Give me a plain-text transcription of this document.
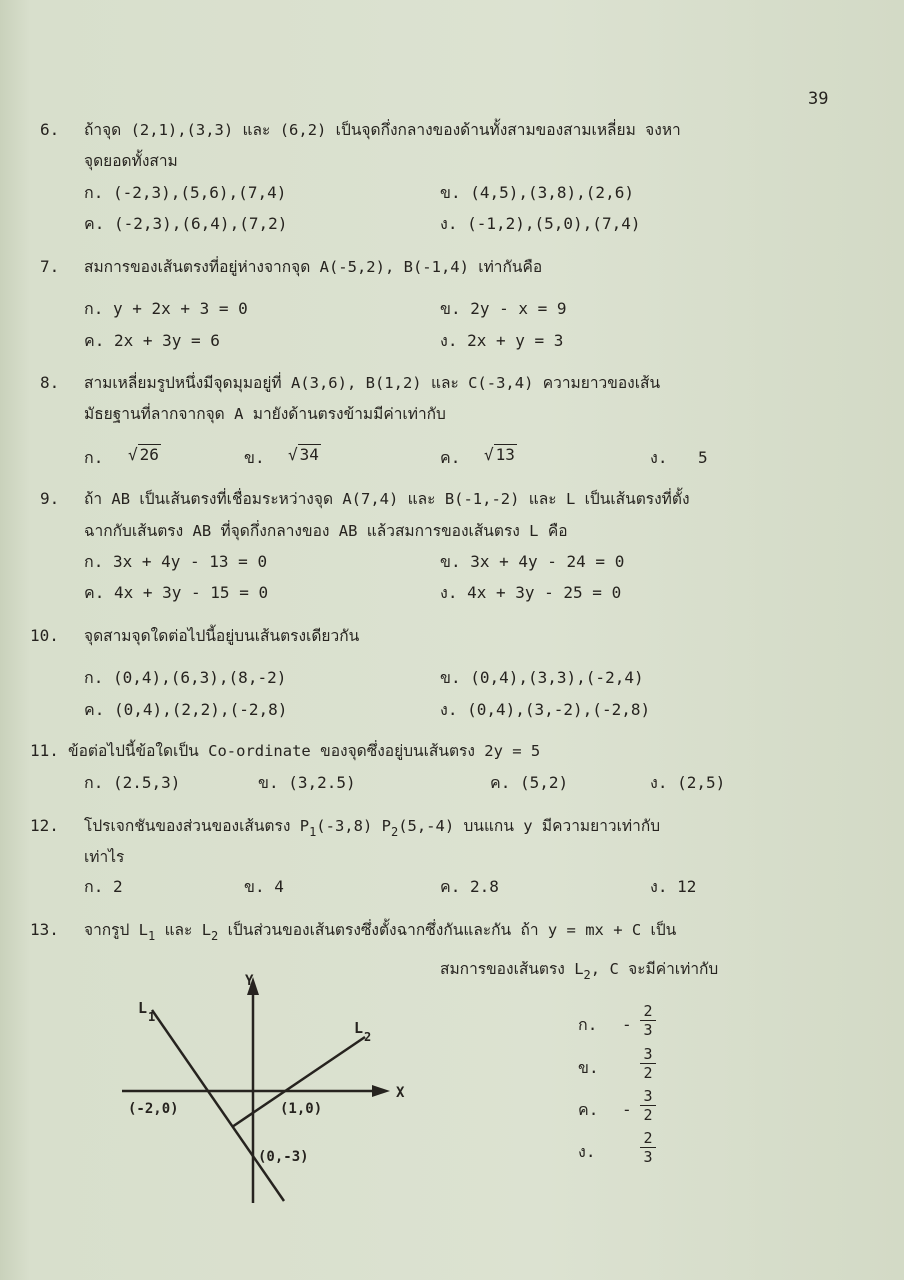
39
6. ถ้าจุด (2,1),(3,3) และ (6,2) เป็นจุดกึ่งกลางของด้านทั้งสามของสามเหลี่ยม จงหา
จุดยอดทั้งสาม
ก. (-2,3),(5,6),(7,4)	ข. (4,5),(3,8),(2,6)
ค. (-2,3),(6,4),(7,2)	ง. (-1,2),(5,0),(7,4)
7. สมการของเส้นตรงที่อยู่ห่างจากจุด A(-5,2), B(-1,4) เท่ากันคือ
ก. y + 2x + 3 = 0	ข. 2y - x = 9
ค. 2x + 3y = 6	ง. 2x + y = 3
8. สามเหลี่ยมรูปหนึ่งมีจุดมุมอยู่ที่ A(3,6), B(1,2) และ C(-3,4) ความยาวของเส้น
มัธยฐานที่ลากจากจุด A มายังด้านตรงข้ามมีค่าเท่ากับ
ก. √ 26	ข. √ 34	ค. √ 13	ง. 5
9. ถ้า AB เป็นเส้นตรงที่เชื่อมระหว่างจุด A(7,4) และ B(-1,-2) และ L เป็นเส้นตรงที่ตั้ง
ฉากกับเส้นตรง AB ที่จุดกึ่งกลางของ AB แล้วสมการของเส้นตรง L คือ
ก. 3x + 4y - 13 = 0	ข. 3x + 4y - 24 = 0
ค. 4x + 3y - 15 = 0	ง. 4x + 3y - 25 = 0
10. จุดสามจุดใดต่อไปนี้อยู่บนเส้นตรงเดียวกัน
ก. (0,4),(6,3),(8,-2)	ข. (0,4),(3,3),(-2,4)
ค. (0,4),(2,2),(-2,8)	ง. (0,4),(3,-2),(-2,8)
11. ข้อต่อไปนี้ข้อใดเป็น Co-ordinate ของจุดซึ่งอยู่บนเส้นตรง 2y = 5
ก. (2.5,3)	ข. (3,2.5)	ค. (5,2)	ง. (2,5)
12. โปรเจกชันของส่วนของเส้นตรง $P_1(-3,8)$ $P_2(5,-4)$ บนแกน y มีความยาวเท่ากับ
เท่าไร
ก. 2	ข. 4	ค. 2.8	ง. 12
13. จากรูป $L_1$ และ $L_2$ เป็นส่วนของเส้นตรงซึ่งตั้งฉากซึ่งกันและกัน ถ้า y = mx + C เป็น
สมการของเส้นตรง $L_2$, C จะมีค่าเท่ากับ
ก. -
2
3
ข.
3
2
ค. -
3
2
ง.
2
3
Y
X
L 1
L 2
(-2,0)	(1,0)
(0,-3)
